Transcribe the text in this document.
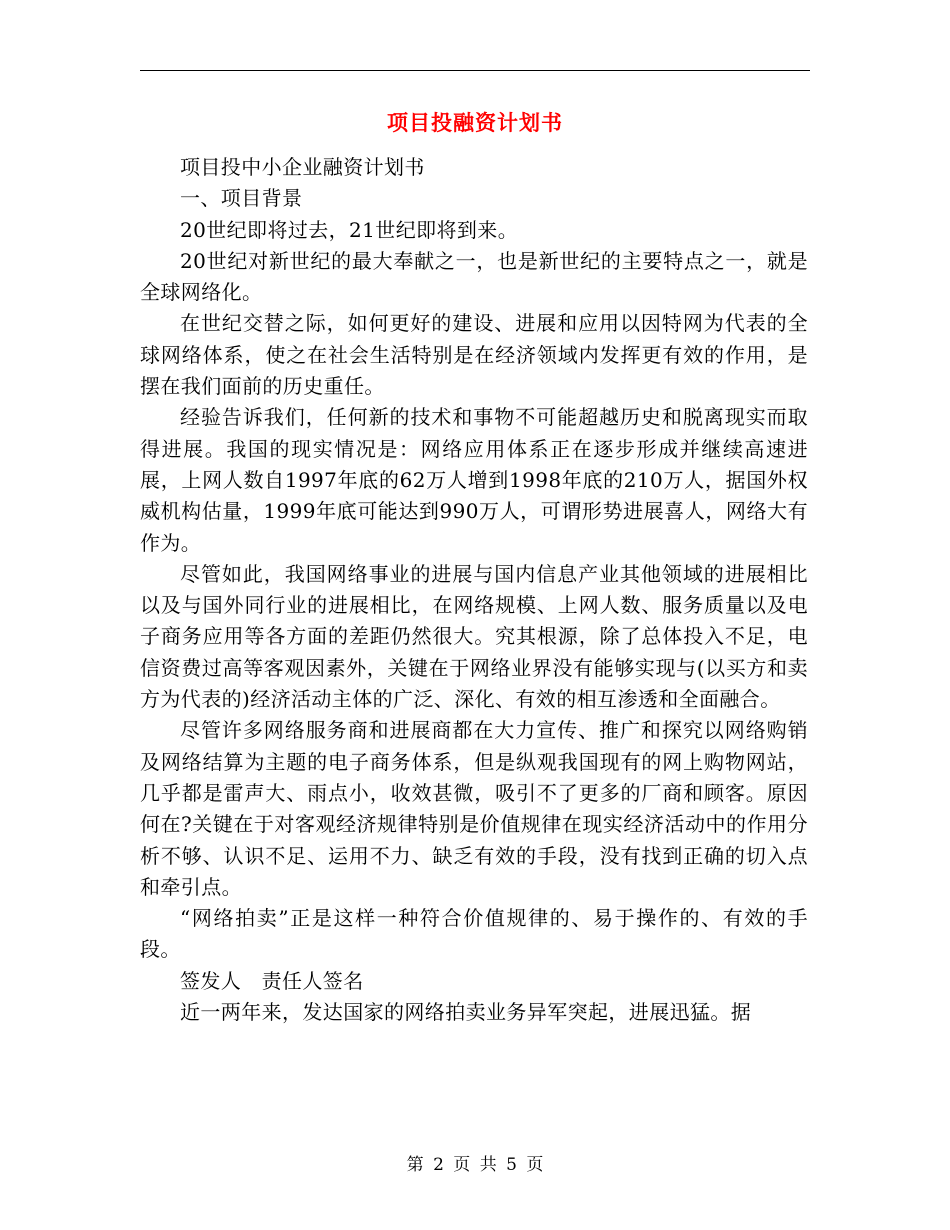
项目投融资计划书

项目投中小企业融资计划书

一、项目背景

20世纪即将过去，21世纪即将到来。

20世纪对新世纪的最大奉献之一，也是新世纪的主要特点之一，就是全球网络化。

在世纪交替之际，如何更好的建设、进展和应用以因特网为代表的全球网络体系，使之在社会生活特别是在经济领域内发挥更有效的作用，是摆在我们面前的历史重任。

经验告诉我们，任何新的技术和事物不可能超越历史和脱离现实而取得进展。我国的现实情况是：网络应用体系正在逐步形成并继续高速进展，上网人数自1997年底的62万人增到1998年底的210万人，据国外权威机构估量，1999年底可能达到990万人，可谓形势进展喜人，网络大有作为。

尽管如此，我国网络事业的进展与国内信息产业其他领域的进展相比以及与国外同行业的进展相比，在网络规模、上网人数、服务质量以及电子商务应用等各方面的差距仍然很大。究其根源，除了总体投入不足，电信资费过高等客观因素外，关键在于网络业界没有能够实现与(以买方和卖方为代表的)经济活动主体的广泛、深化、有效的相互渗透和全面融合。

尽管许多网络服务商和进展商都在大力宣传、推广和探究以网络购销及网络结算为主题的电子商务体系，但是纵观我国现有的网上购物网站，几乎都是雷声大、雨点小，收效甚微，吸引不了更多的厂商和顾客。原因何在?关键在于对客观经济规律特别是价值规律在现实经济活动中的作用分析不够、认识不足、运用不力、缺乏有效的手段，没有找到正确的切入点和牵引点。

“网络拍卖”正是这样一种符合价值规律的、易于操作的、有效的手段。

签发人　责任人签名

近一两年来，发达国家的网络拍卖业务异军突起，进展迅猛。据

第 2 页 共 5 页
